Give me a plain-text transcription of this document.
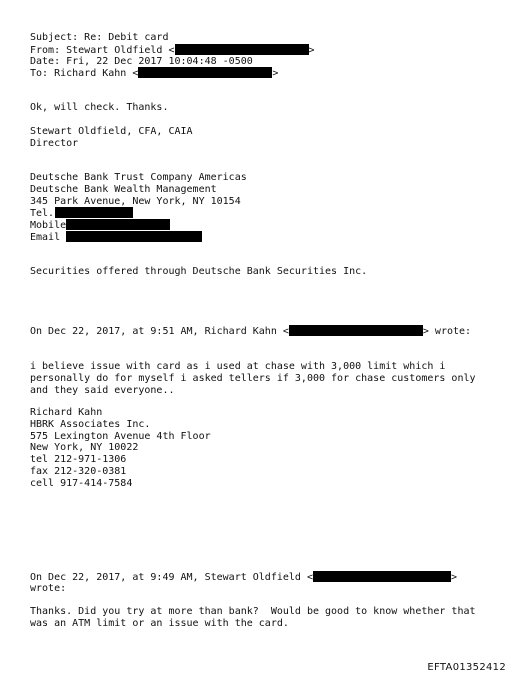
Subject: Re: Debit card
From: Stewart Oldfield <	>
Date: Fri, 22 Dec 2017 10:04:48 -0500
To: Richard Kahn <	>
Ok, will check. Thanks.
Stewart Oldfield, CFA, CAIA
Director
Deutsche Bank Trust Company Americas
Deutsche Bank Wealth Management
345 Park Avenue, New York, NY 10154
Tel.
Mobile
Email
Securities offered through Deutsche Bank Securities Inc.
On Dec 22, 2017, at 9:51 AM, Richard Kahn <	> wrote:
i believe issue with card as i used at chase with 3,000 limit which i
personally do for myself i asked tellers if 3,000 for chase customers only
and they said everyone..
Richard Kahn
HBRK Associates Inc.
575 Lexington Avenue 4th Floor
New York, NY 10022
tel 212-971-1306
fax 212-320-0381
cell 917-414-7584
On Dec 22, 2017, at 9:49 AM, Stewart Oldfield <	>
wrote:
Thanks. Did you try at more than bank?  Would be good to know whether that
was an ATM limit or an issue with the card.
EFTA01352412
